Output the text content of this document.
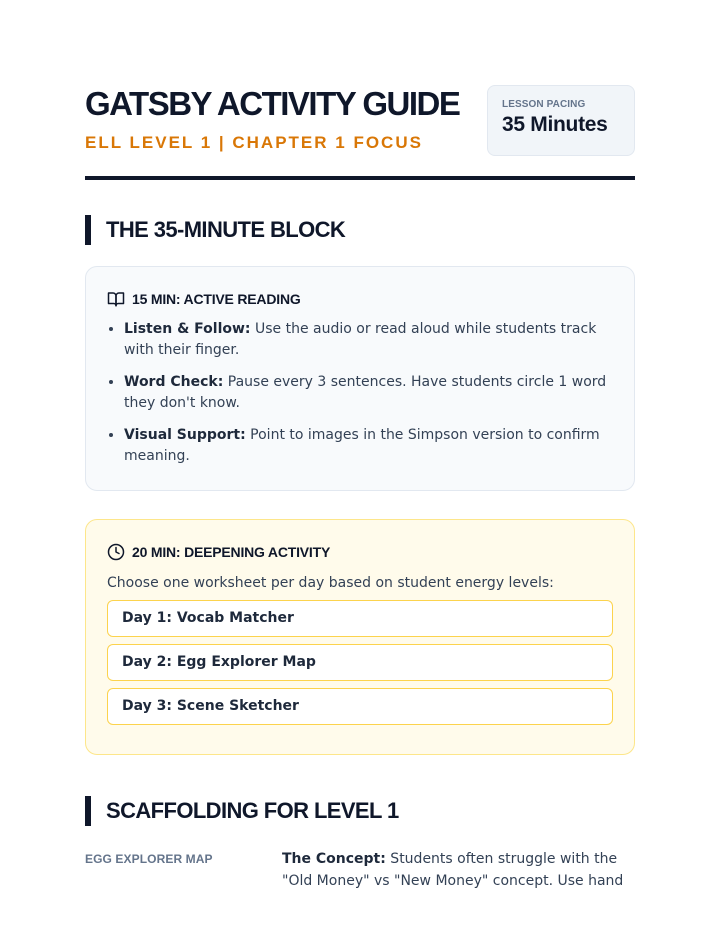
GATSBY ACTIVITY GUIDE
ELL LEVEL 1 | CHAPTER 1 FOCUS
LESSON PACING
35 Minutes
THE 35-MINUTE BLOCK
15 MIN: ACTIVE READING
• Listen & Follow: Use the audio or read aloud while students track with their finger.
• Word Check: Pause every 3 sentences. Have students circle 1 word they don't know.
• Visual Support: Point to images in the Simpson version to confirm meaning.
20 MIN: DEEPENING ACTIVITY
Choose one worksheet per day based on student energy levels:
Day 1: Vocab Matcher
Day 2: Egg Explorer Map
Day 3: Scene Sketcher
SCAFFOLDING FOR LEVEL 1
EGG EXPLORER MAP	The Concept: Students often struggle with the "Old Money" vs "New Money" concept. Use hand
